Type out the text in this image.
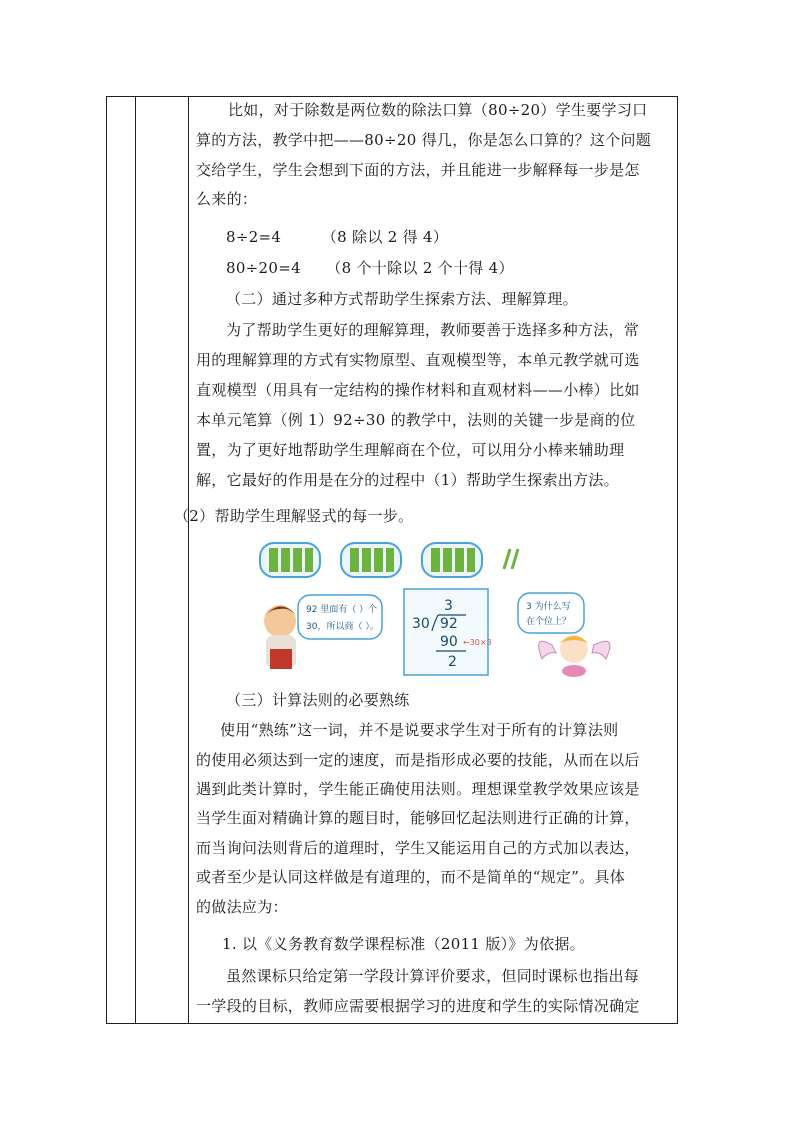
比如，对于除数是两位数的除法口算（80÷20）学生要学习口
算的方法，教学中把——80÷20 得几，你是怎么口算的？这个问题
交给学生，学生会想到下面的方法，并且能进一步解释每一步是怎
么来的：
8÷2=4        （8 除以 2 得 4）
80÷20=4     （8 个十除以 2 个十得 4）
（二）通过多种方式帮助学生探索方法、理解算理。
为了帮助学生更好的理解算理，教师要善于选择多种方法，常
用的理解算理的方式有实物原型、直观模型等，本单元教学就可选
直观模型（用具有一定结构的操作材料和直观材料——小棒）比如
本单元笔算（例 1）92÷30 的教学中，法则的关键一步是商的位
置，为了更好地帮助学生理解商在个位，可以用分小棒来辅助理
解，它最好的作用是在分的过程中（1）帮助学生探索出方法。
（2）帮助学生理解竖式的每一步。
92 里面有（ ）个
30，所以商（ ）。
3
30 92
90
2
←30×3
3 为什么写
在个位上？
（三）计算法则的必要熟练
使用“熟练”这一词，并不是说要求学生对于所有的计算法则
的使用必须达到一定的速度，而是指形成必要的技能，从而在以后
遇到此类计算时，学生能正确使用法则。理想课堂教学效果应该是
当学生面对精确计算的题目时，能够回忆起法则进行正确的计算，
而当询问法则背后的道理时，学生又能运用自己的方式加以表达，
或者至少是认同这样做是有道理的，而不是简单的“规定”。具体
的做法应为：
1. 以《义务教育数学课程标准（2011 版）》为依据。
虽然课标只给定第一学段计算评价要求，但同时课标也指出每
一学段的目标，教师应需要根据学习的进度和学生的实际情况确定
